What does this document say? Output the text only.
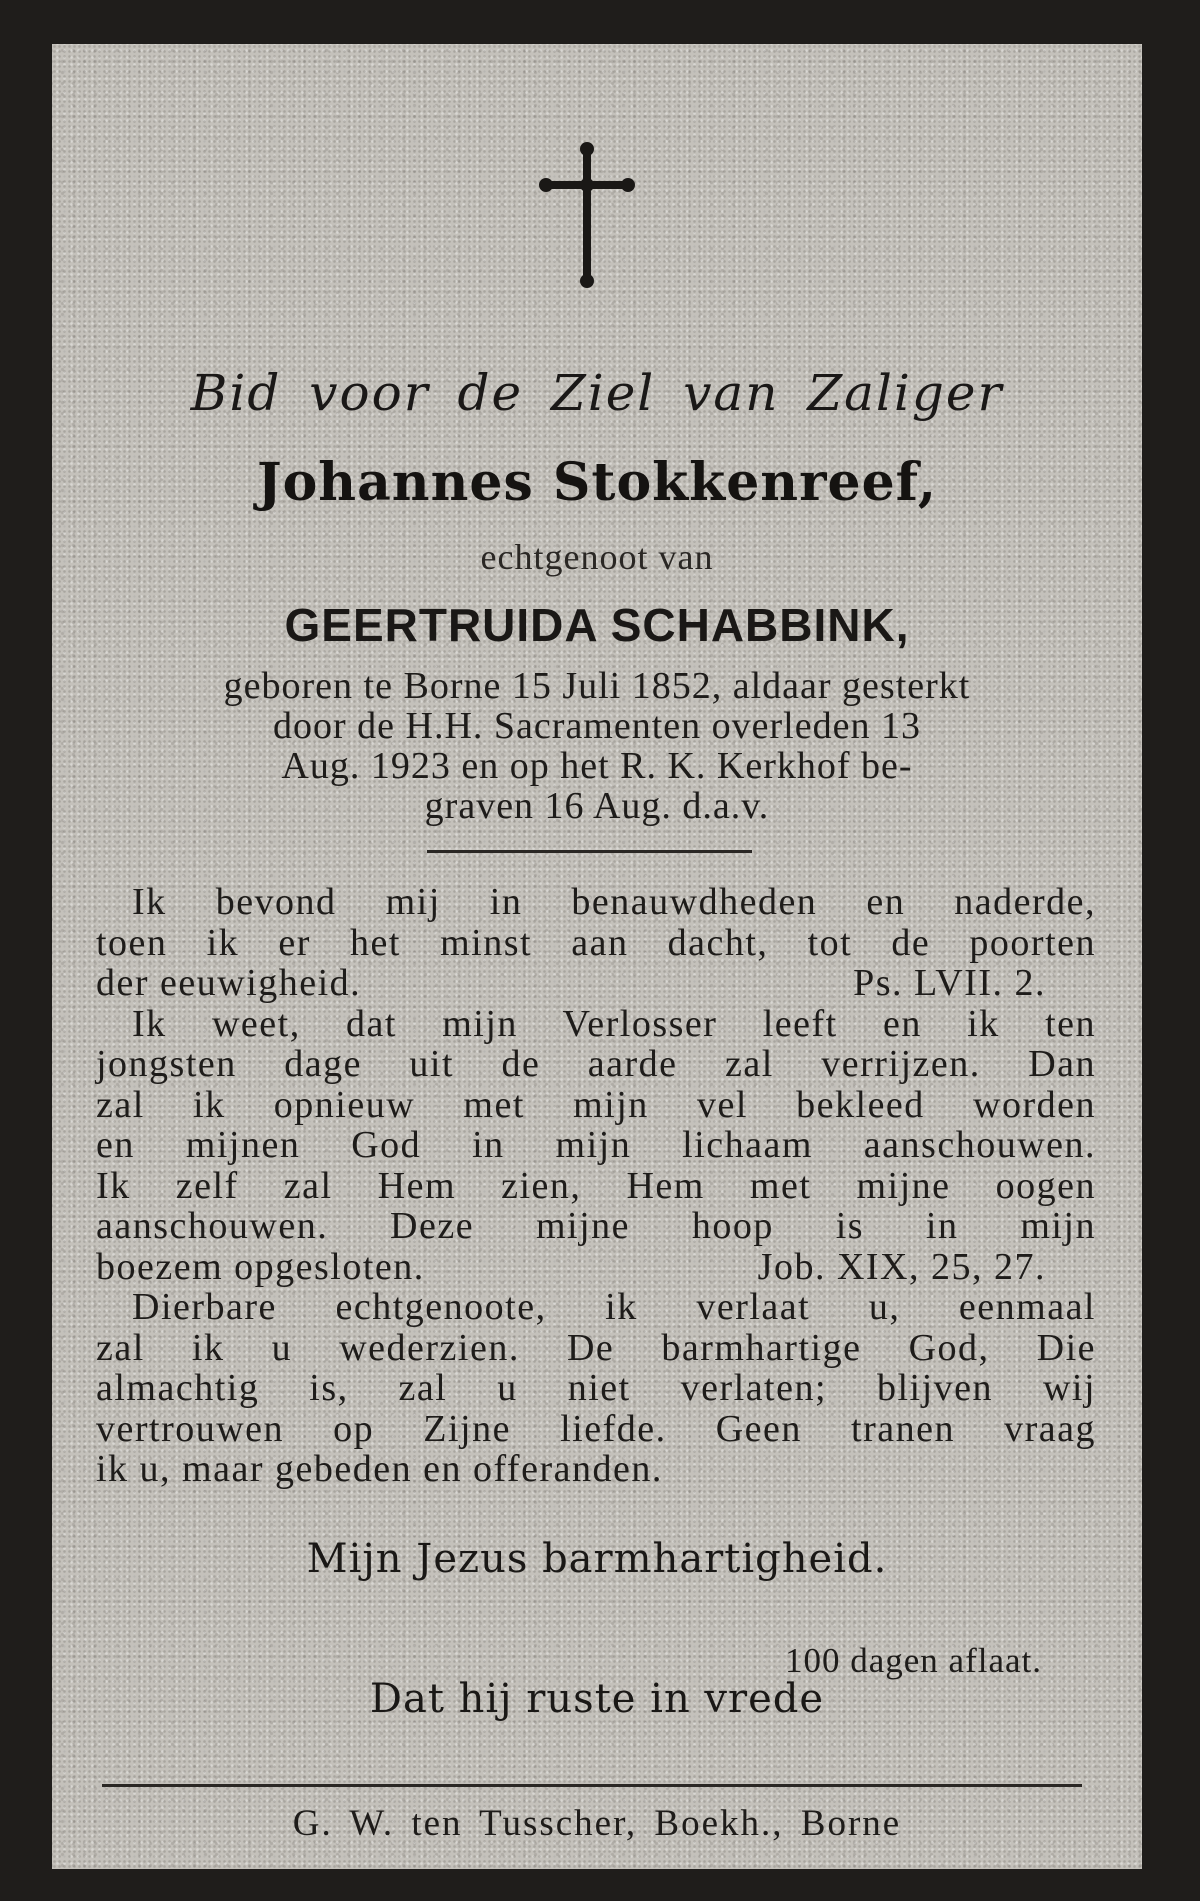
Bid voor de Ziel van Zaliger

Johannes Stokkenreef,

echtgenoot van

GEERTRUIDA SCHABBINK,

geboren te Borne 15 Juli 1852, aldaar gesterkt
door de H.H. Sacramenten overleden 13
Aug. 1923 en op het R. K. Kerkhof be-
graven 16 Aug. d.a.v.
Ik bevond mij in benauwdheden en naderde,
toen ik er het minst aan dacht, tot de poorten
der eeuwigheid.	Ps. LVII. 2.
Ik weet, dat mijn Verlosser leeft en ik ten
jongsten dage uit de aarde zal verrijzen. Dan
zal ik opnieuw met mijn vel bekleed worden
en mijnen God in mijn lichaam aanschouwen.
Ik zelf zal Hem zien, Hem met mijne oogen
aanschouwen. Deze mijne hoop is in mijn
boezem opgesloten.	Job. XIX, 25, 27.
Dierbare echtgenoote, ik verlaat u, eenmaal
zal ik u wederzien. De barmhartige God, Die
almachtig is, zal u niet verlaten; blijven wij
vertrouwen op Zijne liefde. Geen tranen vraag
ik u, maar gebeden en offeranden.

Mijn Jezus barmhartigheid.

100 dagen aflaat.

Dat hij ruste in vrede

G. W. ten Tusscher, Boekh., Borne
